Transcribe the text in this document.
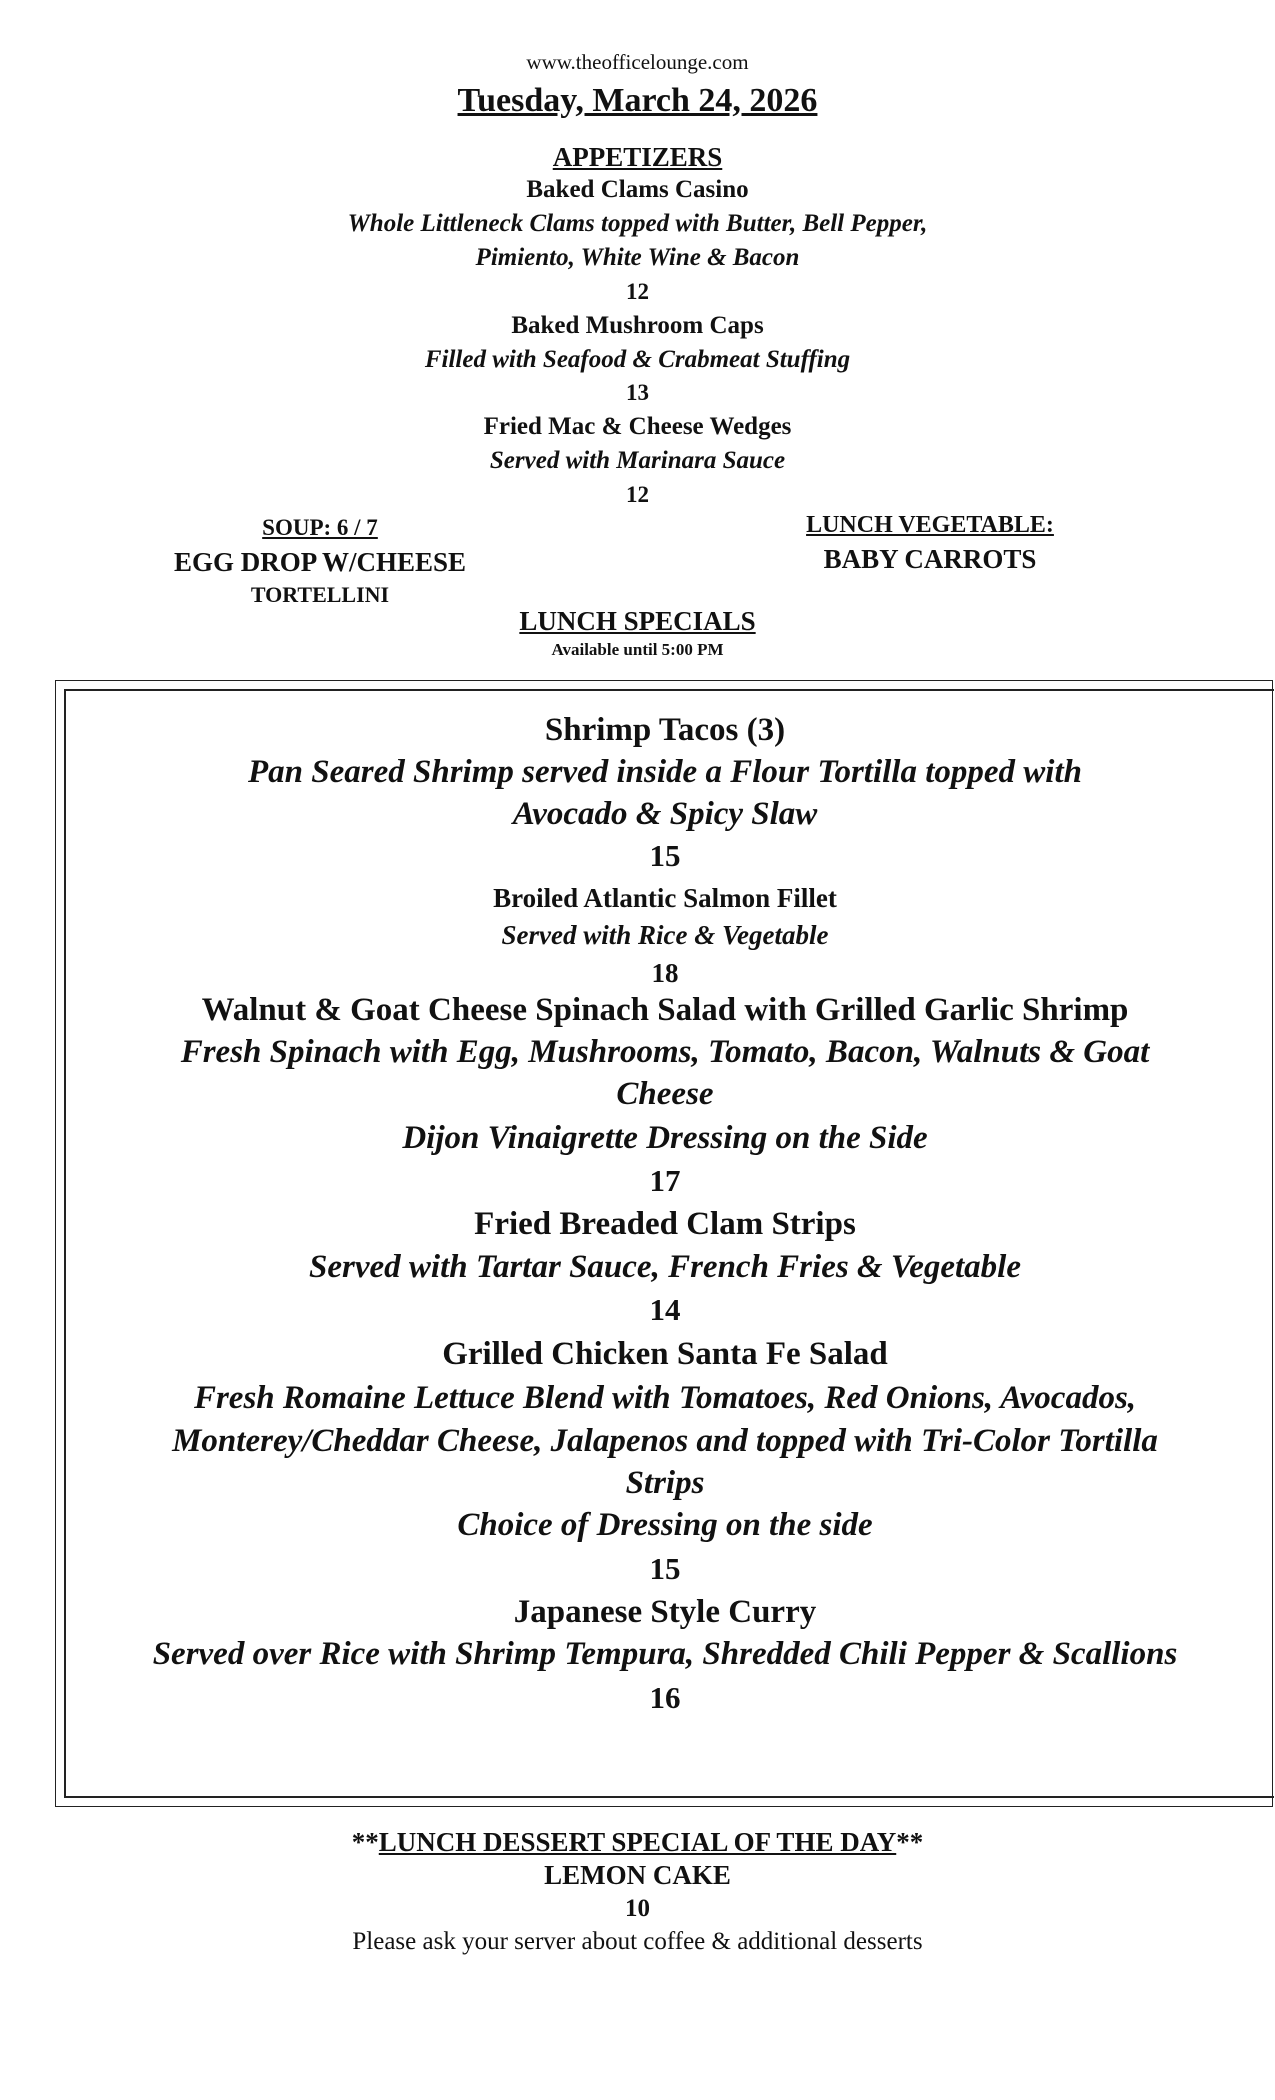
www.theofficelounge.com
Tuesday, March 24, 2026
APPETIZERS
Baked Clams Casino
Whole Littleneck Clams topped with Butter, Bell Pepper,
Pimiento, White Wine & Bacon
12
Baked Mushroom Caps
Filled with Seafood & Crabmeat Stuffing
13
Fried Mac & Cheese Wedges
Served with Marinara Sauce
12
SOUP: 6 / 7
EGG DROP W/CHEESE
TORTELLINI
LUNCH VEGETABLE:
BABY CARROTS
LUNCH SPECIALS
Available until 5:00 PM
Shrimp Tacos (3)
Pan Seared Shrimp served inside a Flour Tortilla topped with
Avocado & Spicy Slaw
15
Broiled Atlantic Salmon Fillet
Served with Rice & Vegetable
18
Walnut & Goat Cheese Spinach Salad with Grilled Garlic Shrimp
Fresh Spinach with Egg, Mushrooms, Tomato, Bacon, Walnuts & Goat
Cheese
Dijon Vinaigrette Dressing on the Side
17
Fried Breaded Clam Strips
Served with Tartar Sauce, French Fries & Vegetable
14
Grilled Chicken Santa Fe Salad
Fresh Romaine Lettuce Blend with Tomatoes, Red Onions, Avocados,
Monterey/Cheddar Cheese, Jalapenos and topped with Tri-Color Tortilla
Strips
Choice of Dressing on the side
15
Japanese Style Curry
Served over Rice with Shrimp Tempura, Shredded Chili Pepper & Scallions
16
**LUNCH DESSERT SPECIAL OF THE DAY**
LEMON CAKE
10
Please ask your server about coffee & additional desserts
